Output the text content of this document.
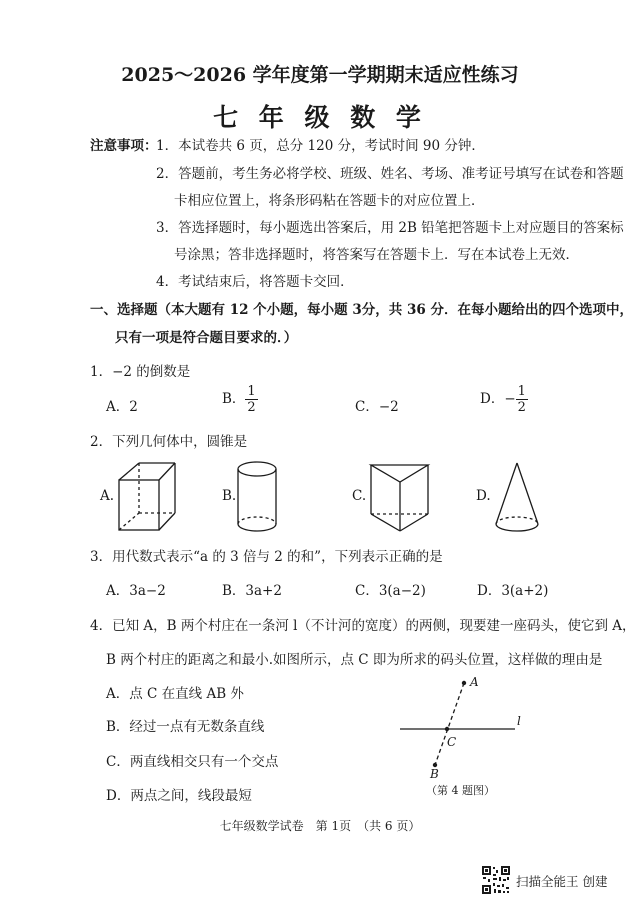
2025～2026 学年度第一学期期末适应性练习
七 年 级 数 学
注意事项：
1．本试卷共 6 页，总分 120 分，考试时间 90 分钟．
2．答题前，考生务必将学校、班级、姓名、考场、准考证号填写在试卷和答题
卡相应位置上，将条形码粘在答题卡的对应位置上．
3．答选择题时，每小题选出答案后，用 2B 铅笔把答题卡上对应题目的答案标
号涂黑；答非选择题时，将答案写在答题卡上．写在本试卷上无效．
4．考试结束后，将答题卡交回．
一、选择题（本大题有 12 个小题，每小题 3分，共 36 分．在每小题给出的四个选项中，
只有一项是符合题目要求的．）
1．−2 的倒数是
A．2	B． $\frac{1}{2}$	C．−2	D．− $\frac{1}{2}$
2．下列几何体中，圆锥是
A.	B.	C.	D.
3．用代数式表示“a 的 3 倍与 2 的和”，下列表示正确的是
A．3a−2	B．3a+2	C．3(a−2)	D．3(a+2)
4．已知 A，B 两个村庄在一条河 l（不计河的宽度）的两侧，现要建一座码头，使它到 A，
B 两个村庄的距离之和最小.如图所示，点 C 即为所求的码头位置，这样做的理由是
A．点 C 在直线 AB 外
B．经过一点有无数条直线
C．两直线相交只有一个交点
D．两点之间，线段最短
A
B
C
l
（第 4 题图）
七年级数学试卷　第 1页　（共 6 页）
扫描全能王 创建
